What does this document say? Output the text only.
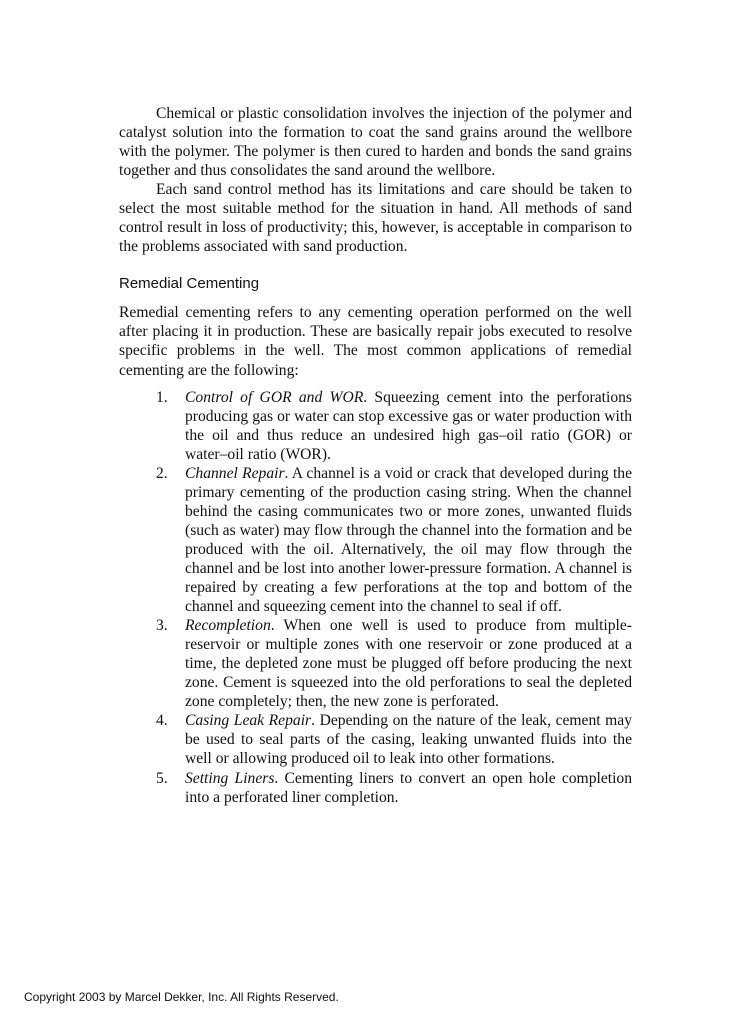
Chemical or plastic consolidation involves the injection of the polymer and catalyst solution into the formation to coat the sand grains around the wellbore with the polymer. The polymer is then cured to harden and bonds the sand grains together and thus consolidates the sand around the wellbore.

Each sand control method has its limitations and care should be taken to select the most suitable method for the situation in hand. All methods of sand control result in loss of productivity; this, however, is acceptable in comparison to the problems associated with sand production.

Remedial Cementing

Remedial cementing refers to any cementing operation performed on the well after placing it in production. These are basically repair jobs executed to resolve specific problems in the well. The most common applications of remedial cementing are the following:

1. Control of GOR and WOR. Squeezing cement into the perforations producing gas or water can stop excessive gas or water production with the oil and thus reduce an undesired high gas–oil ratio (GOR) or water–oil ratio (WOR).
2. Channel Repair. A channel is a void or crack that developed during the primary cementing of the production casing string. When the channel behind the casing communicates two or more zones, unwanted fluids (such as water) may flow through the channel into the formation and be produced with the oil. Alternatively, the oil may flow through the channel and be lost into another lower-pressure formation. A channel is repaired by creating a few perforations at the top and bottom of the channel and squeezing cement into the channel to seal if off.
3. Recompletion. When one well is used to produce from multiple-reservoir or multiple zones with one reservoir or zone produced at a time, the depleted zone must be plugged off before producing the next zone. Cement is squeezed into the old perforations to seal the depleted zone completely; then, the new zone is perforated.
4. Casing Leak Repair. Depending on the nature of the leak, cement may be used to seal parts of the casing, leaking unwanted fluids into the well or allowing produced oil to leak into other formations.
5. Setting Liners. Cementing liners to convert an open hole completion into a perforated liner completion.
Copyright 2003 by Marcel Dekker, Inc. All Rights Reserved.
